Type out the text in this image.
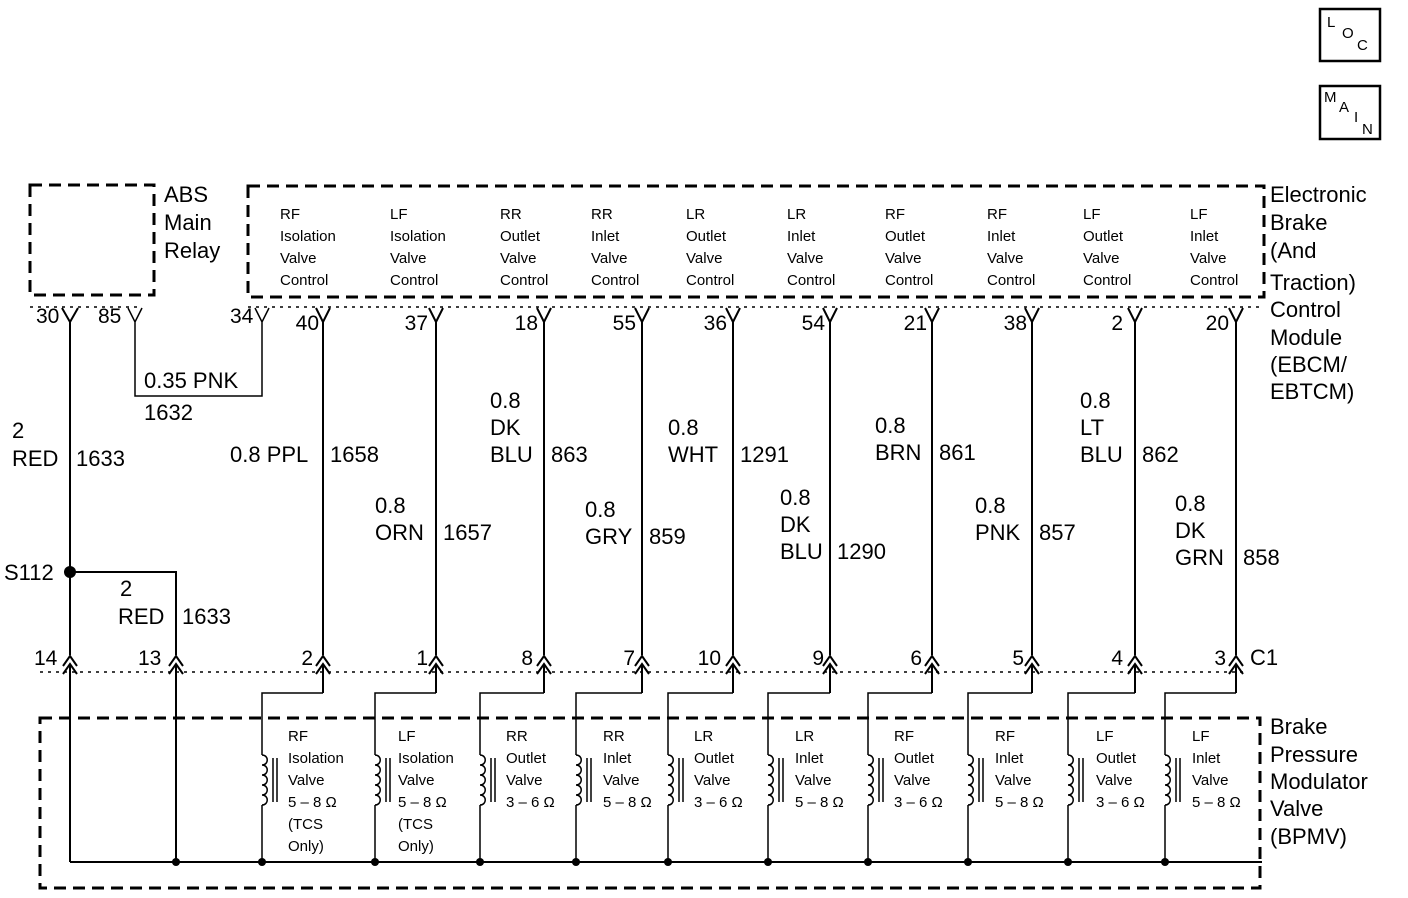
L
O
C
M
A
I
N
ABS
Main
Relay
30 85
Electronic
Brake
(And
Traction)
Control
Module
(EBCM/
EBTCM)
34
RF
Isolation
Valve
Control
LF
Isolation
Valve
Control
RR
Outlet
Valve
Control
RR
Inlet
Valve
Control
LR
Outlet
Valve
Control
LR
Inlet
Valve
Control
RF
Outlet
Valve
Control
RF
Inlet
Valve
Control
LF
Outlet
Valve
Control
LF
Inlet
Valve
Control
0.35 PNK
1632
2
RED 1633
S112
2
RED 1633
14	13	C1
Brake
Pressure
Modulator
Valve
(BPMV)
40
2
0.8 PPL 1658
RF
Isolation
Valve
5 – 8 Ω
(TCS
Only)
37
1
0.8
ORN 1657
LF
Isolation
Valve
5 – 8 Ω
(TCS
Only)
18
8
0.8
DK
BLU 863
RR
Outlet
Valve
3 – 6 Ω
55
7
0.8
GRY 859
RR
Inlet
Valve
5 – 8 Ω
36
10
0.8
WHT 1291
LR
Outlet
Valve
3 – 6 Ω
54
9
0.8
DK
BLU 1290
LR
Inlet
Valve
5 – 8 Ω
21
6
0.8
BRN 861
RF
Outlet
Valve
3 – 6 Ω
38
5
0.8
PNK 857
RF
Inlet
Valve
5 – 8 Ω
2
4
0.8
LT
BLU 862
LF
Outlet
Valve
3 – 6 Ω
20
3
0.8
DK
GRN 858
LF
Inlet
Valve
5 – 8 Ω
